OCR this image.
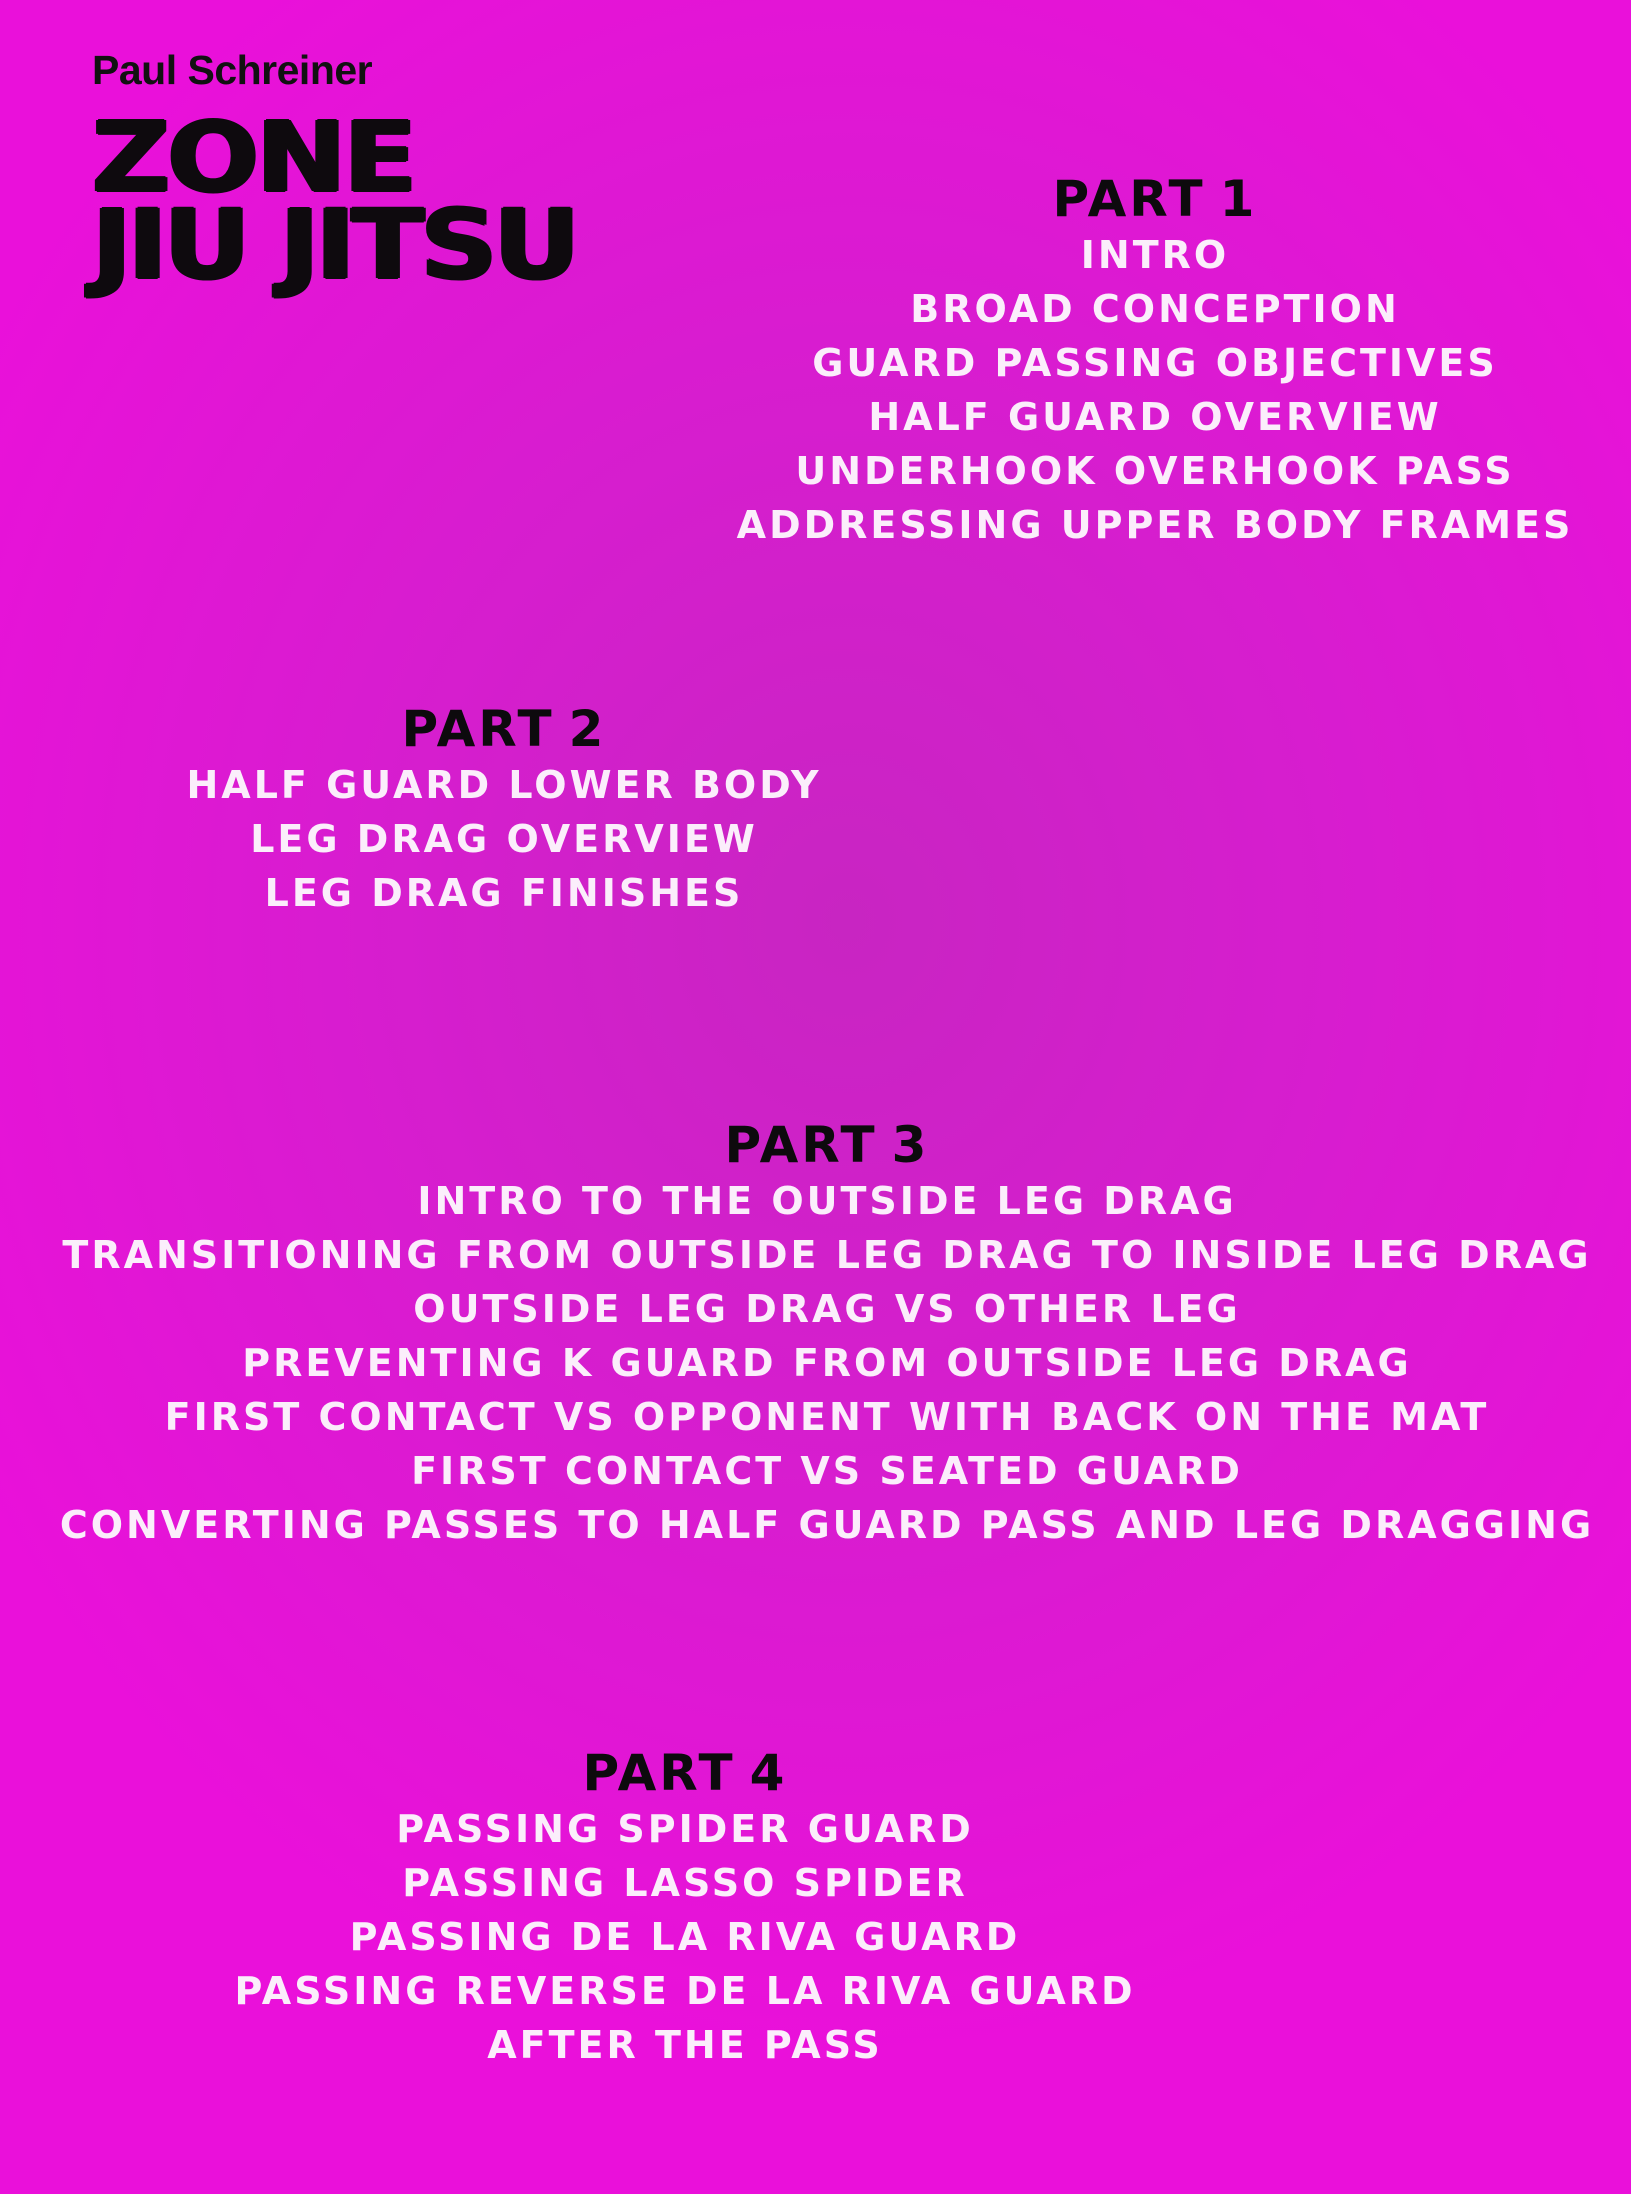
Paul Schreiner
ZONE
JIU JITSU	PART 1

INTRO

BROAD CONCEPTION

GUARD PASSING OBJECTIVES

HALF GUARD OVERVIEW

UNDERHOOK OVERHOOK PASS

ADDRESSING UPPER BODY FRAMES

PART 2

HALF GUARD LOWER BODY

LEG DRAG OVERVIEW

LEG DRAG FINISHES

PART 3

INTRO TO THE OUTSIDE LEG DRAG

TRANSITIONING FROM OUTSIDE LEG DRAG TO INSIDE LEG DRAG

OUTSIDE LEG DRAG VS OTHER LEG

PREVENTING K GUARD FROM OUTSIDE LEG DRAG

FIRST CONTACT VS OPPONENT WITH BACK ON THE MAT

FIRST CONTACT VS SEATED GUARD

CONVERTING PASSES TO HALF GUARD PASS AND LEG DRAGGING

PART 4

PASSING SPIDER GUARD

PASSING LASSO SPIDER

PASSING DE LA RIVA GUARD

PASSING REVERSE DE LA RIVA GUARD

AFTER THE PASS
